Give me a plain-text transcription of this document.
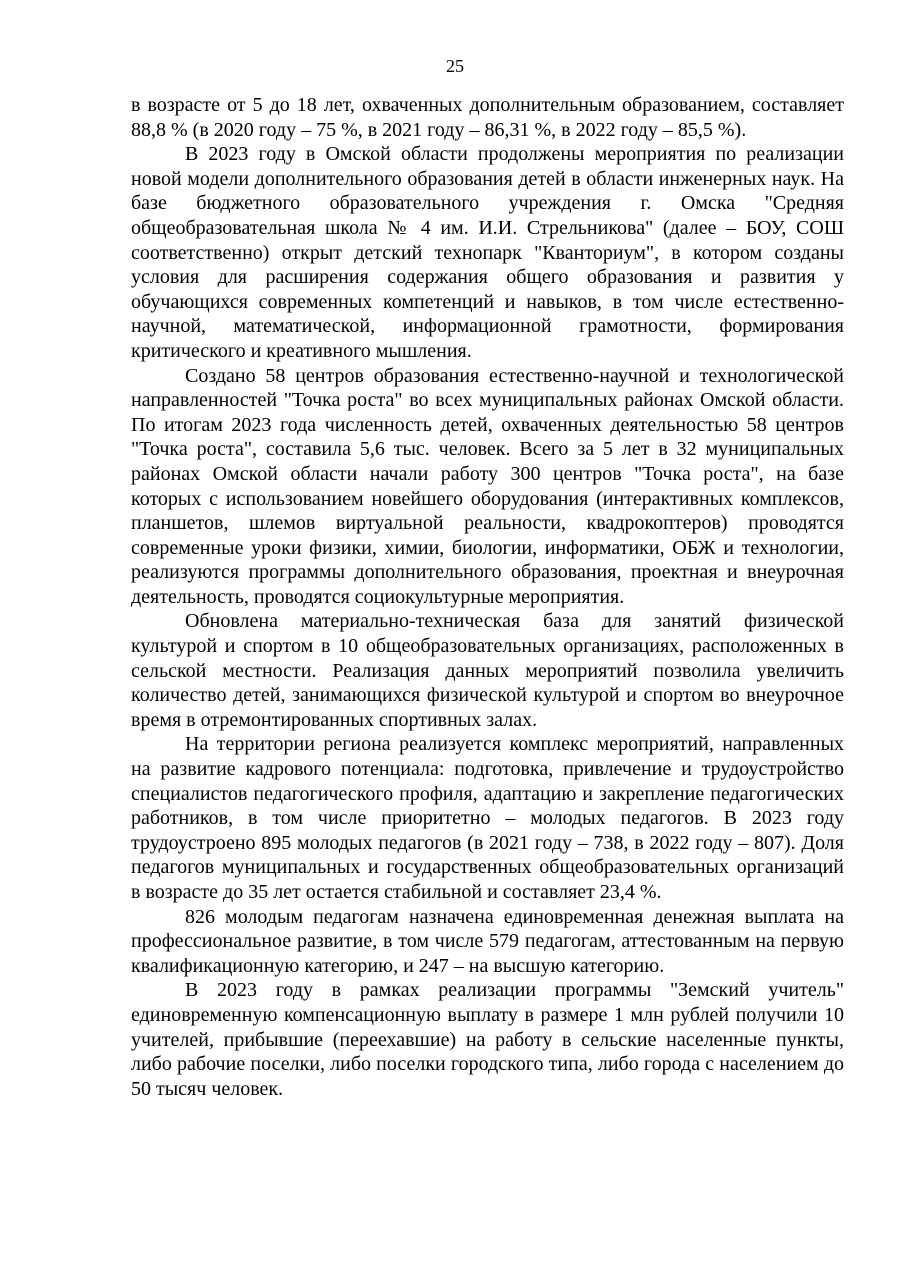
25

в возрасте от 5 до 18 лет, охваченных дополнительным образованием, составляет 88,8 % (в 2020 году – 75 %, в 2021 году – 86,31 %, в 2022 году – 85,5 %).

В 2023 году в Омской области продолжены мероприятия по реализации новой модели дополнительного образования детей в области инженерных наук. На базе бюджетного образовательного учреждения г. Омска "Средняя общеобразовательная школа № 4 им. И.И. Стрельникова" (далее – БОУ, СОШ соответственно) открыт детский технопарк "Кванториум", в котором созданы условия для расширения содержания общего образования и развития у обучающихся современных компетенций и навыков, в том числе естественно-научной, математической, информационной грамотности, формирования критического и креативного мышления.

Создано 58 центров образования естественно-научной и технологической направленностей "Точка роста" во всех муниципальных районах Омской области. По итогам 2023 года численность детей, охваченных деятельностью 58 центров "Точка роста", составила 5,6 тыс. человек. Всего за 5 лет в 32 муниципальных районах Омской области начали работу 300 центров "Точка роста", на базе которых с использованием новейшего оборудования (интерактивных комплексов, планшетов, шлемов виртуальной реальности, квадрокоптеров) проводятся современные уроки физики, химии, биологии, информатики, ОБЖ и технологии, реализуются программы дополнительного образования, проектная и внеурочная деятельность, проводятся социокультурные мероприятия.

Обновлена материально-техническая база для занятий физической культурой и спортом в 10 общеобразовательных организациях, расположенных в сельской местности. Реализация данных мероприятий позволила увеличить количество детей, занимающихся физической культурой и спортом во внеурочное время в отремонтированных спортивных залах.

На территории региона реализуется комплекс мероприятий, направленных на развитие кадрового потенциала: подготовка, привлечение и трудоустройство специалистов педагогического профиля, адаптацию и закрепление педагогических работников, в том числе приоритетно – молодых педагогов. В 2023 году трудоустроено 895 молодых педагогов (в 2021 году – 738, в 2022 году – 807). Доля педагогов муниципальных и государственных общеобразовательных организаций в возрасте до 35 лет остается стабильной и составляет 23,4 %.

826 молодым педагогам назначена единовременная денежная выплата на профессиональное развитие, в том числе 579 педагогам, аттестованным на первую квалификационную категорию, и 247 – на высшую категорию.

В 2023 году в рамках реализации программы "Земский учитель" единовременную компенсационную выплату в размере 1 млн рублей получили 10 учителей, прибывшие (переехавшие) на работу в сельские населенные пункты, либо рабочие поселки, либо поселки городского типа, либо города с населением до 50 тысяч человек.
